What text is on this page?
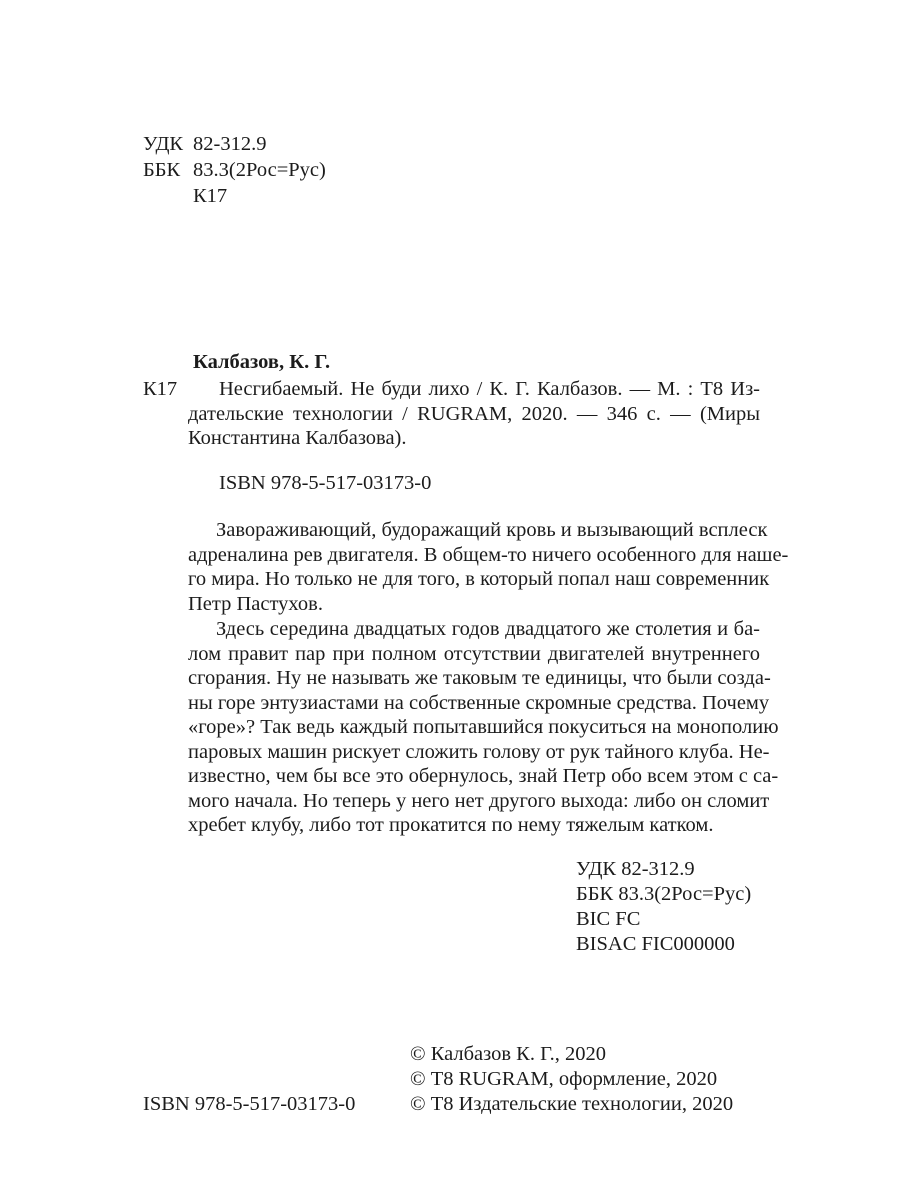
УДК 82-312.9
ББК 83.3(2Рос=Рус)
К17
Калбазов, К. Г.
К17 Несгибаемый. Не буди лихо / К. Г. Калбазов. — М. : Т8 Из-
дательские технологии / RUGRAM, 2020. — 346 с. — (Миры
Константина Калбазова).
ISBN 978-5-517-03173-0
Завораживающий, будоражащий кровь и вызывающий всплеск
адреналина рев двигателя. В общем-то ничего особенного для наше-
го мира. Но только не для того, в который попал наш современник
Петр Пастухов.
Здесь середина двадцатых годов двадцатого же столетия и ба-
лом правит пар при полном отсутствии двигателей внутреннего
сгорания. Ну не называть же таковым те единицы, что были созда-
ны горе энтузиастами на собственные скромные средства. Почему
«горе»? Так ведь каждый попытавшийся покуситься на монополию
паровых машин рискует сложить голову от рук тайного клуба. Не-
известно, чем бы все это обернулось, знай Петр обо всем этом с са-
мого начала. Но теперь у него нет другого выхода: либо он сломит
хребет клубу, либо тот прокатится по нему тяжелым катком.
УДК 82-312.9
ББК 83.3(2Рос=Рус)
BIC FC
BISAC FIC000000
© Калбазов К. Г., 2020
© Т8 RUGRAM, оформление, 2020
© Т8 Издательские технологии, 2020
ISBN 978-5-517-03173-0
